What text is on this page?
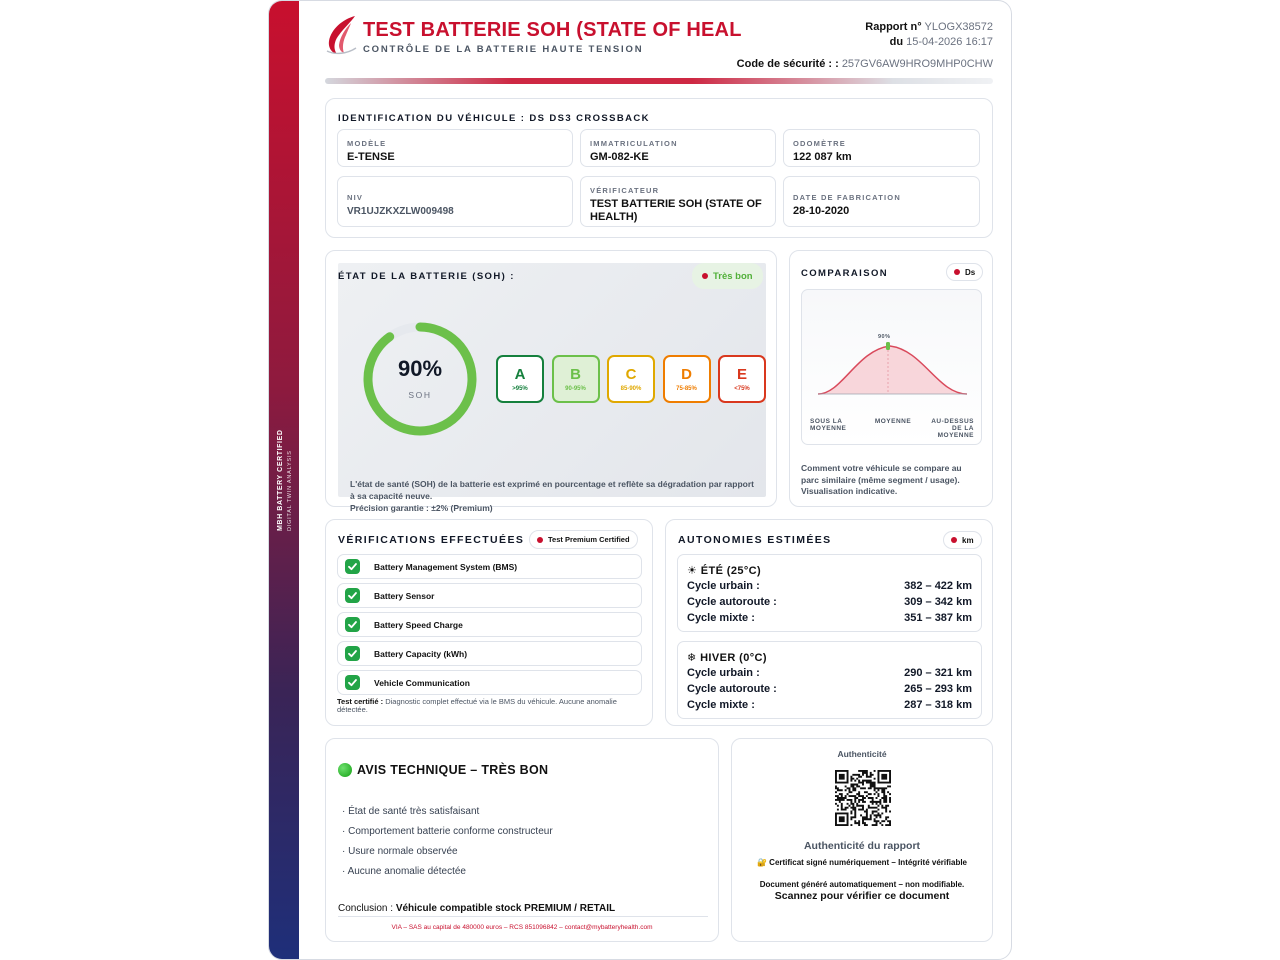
MBH BATTERY CERTIFIED DIGITAL TWIN ANALYSIS
TEST BATTERIE SOH (STATE OF HEAL
CONTRÔLE DE LA BATTERIE HAUTE TENSION
Rapport n° YLOGX38572
du 15-04-2026 16:17
Code de sécurité : : 257GV6AW9HRO9MHP0CHW
IDENTIFICATION DU VÉHICULE : DS DS3 CROSSBACK
MODÈLE
E-TENSE
IMMATRICULATION
GM-082-KE
ODOMÈTRE
122 087 km
NIV
VR1UJZKXZLW009498
VÉRIFICATEUR
TEST BATTERIE SOH (STATE OF HEALTH)
DATE DE FABRICATION
28-10-2020
ÉTAT DE LA BATTERIE (SOH) :	Très bon
90%
SOH
A
>95%
B
90-95%
C
85-90%
D
75-85%
E
<75%
L'état de santé (SOH) de la batterie est exprimé en pourcentage et reflète sa dégradation par rapport à sa capacité neuve.
Précision garantie : ±2% (Premium)
COMPARAISON	Ds
90%
SOUS LA MOYENNE
MOYENNE	AU-DESSUS DE LA MOYENNE
Comment votre véhicule se compare au parc similaire (même segment / usage). Visualisation indicative.
VÉRIFICATIONS EFFECTUÉES	Test Premium Certified
Battery Management System (BMS)
Battery Sensor
Battery Speed Charge
Battery Capacity (kWh)
Vehicle Communication
Test certifié : Diagnostic complet effectué via le BMS du véhicule. Aucune anomalie détectée.
AUTONOMIES ESTIMÉES	km
☀ ÉTÉ (25°C)
Cycle urbain :	382 – 422 km
Cycle autoroute :	309 – 342 km
Cycle mixte :	351 – 387 km
❄ HIVER (0°C)
Cycle urbain :	290 – 321 km
Cycle autoroute :	265 – 293 km
Cycle mixte :	287 – 318 km
AVIS TECHNIQUE – TRÈS BON
· État de santé très satisfaisant
· Comportement batterie conforme constructeur
· Usure normale observée
· Aucune anomalie détectée
Conclusion : Véhicule compatible stock PREMIUM / RETAIL
VIA – SAS au capital de 480000 euros – RCS 851096842 – contact@mybatteryhealth.com
Authenticité
Authenticité du rapport
🔐 Certificat signé numériquement – Intégrité vérifiable
Document généré automatiquement – non modifiable.
Scannez pour vérifier ce document
